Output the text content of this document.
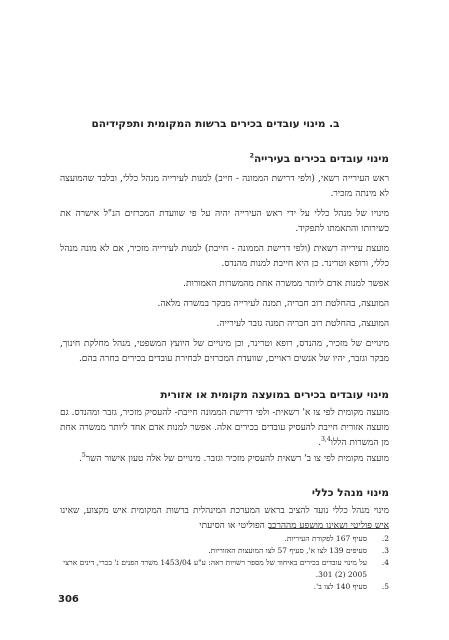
ב. מינוי עובדים בכירים ברשות המקומית ותפקידיהם
מינוי עובדים בכירים בעירייה$^2$
ראש העירייה רשאי, (ולפי דרישת הממונה - חייב) למנות לעירייה מנהל כללי, ובלבד שהמועצה לא מינתה מזכיר.
מינויו של מנהל כללי על ידי ראש העירייה יהיה על פי שוועדת המכרזים הנ"ל אישרה את כשירותו והתאמתו לתפקיד.
מועצת עירייה רשאית (ולפי דרישת הממונה - חייבת) למנות לעירייה מזכיר, אם לא מונה מנהל כללי, ורופא וטרינר. כן היא חייבת למנות מהנדס.
אפשר למנות אדם ליותר ממשרה אחת מהמשרות האמורות.
המועצה, בהחלטת רוב חבריה, תמנה לעירייה מבקר במשרה מלאה.
המועצה, בהחלטת רוב חבריה תמנה גזבר לעירייה.
מינויים של מזכיר, מהנדס, רופא וטרינר, וכן מינויים של היועץ המשפטי, מנהל מחלקת חינוך, מבקר וגזבר, יהיו של אנשים ראויים, שוועדת המכרזים לבחירת עובדים בכירים בחרה בהם.
מינוי עובדים בכירים במועצה מקומית או אזורית
מועצה מקומית לפי צו א' רשאית- ולפי דרישת הממונה חייבת- להעסיק מזכיר, גזבר ומהנדס. גם מועצה אזורית חייבת להעסיק עובדים בכירים אלה. אפשר למנות אדם אחד ליותר ממשרה אחת מן המשרות הללו$^{3,4}$.
מועצה מקומית לפי צו ב' רשאית להעסיק מזכיר וגזבר. מינויים של אלה טעון אישור השר$^5$.
מינוי מנהל כללי
2.
סעיף 167 לפקודת העיריות.
3.
סעיפים 139 לצו א', סעיף 57 לצו המועצות האזוריות.
4.
על מינוי עובדים בכירים באיחוד של מספר רשויות ראה: ע"ע 1453/04 משרד הפנים נ' בכרי, דינים ארצי 2005 (2) 301.
5.
סעיף 140 לצו ב'.
306
מינוי מנהל כללי נועד להציב בראש המערכת המינהלית ברשות המקומית איש מקצוע, שאינו איש פוליטי ושאינו מושפע מההרכב הפוליטי או הסיעתי
